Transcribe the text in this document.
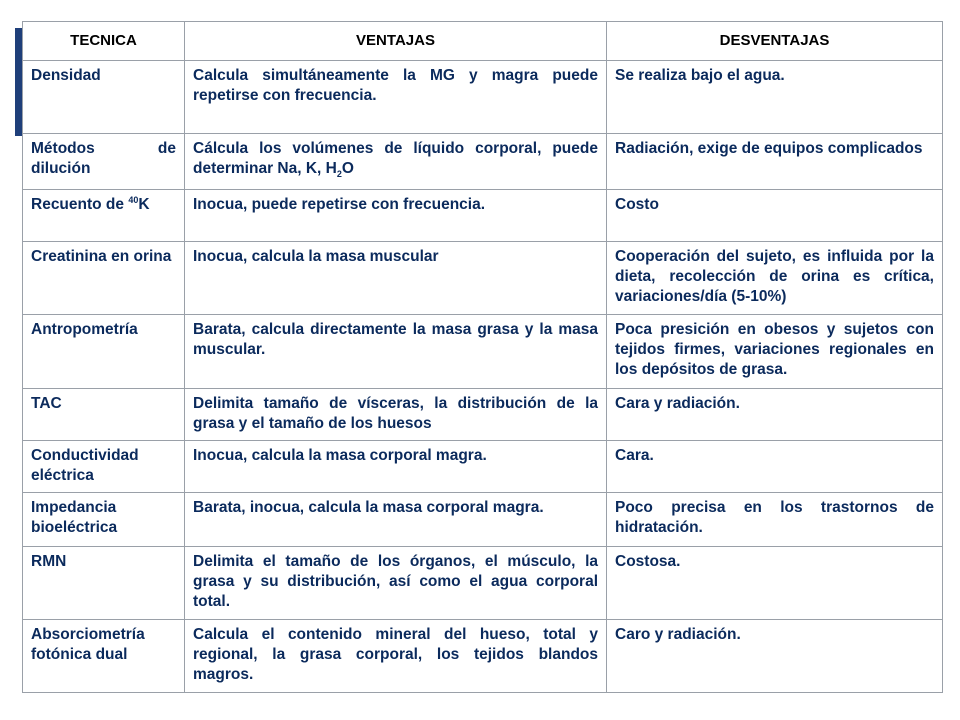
TECNICA	VENTAJAS	DESVENTAJAS
Densidad	Calcula simultáneamente la MG y magra puede repetirse con frecuencia.	Se realiza bajo el agua.
Métodos de dilución	Cálcula los volúmenes de líquido corporal, puede determinar Na, K, $H_2O$	Radiación, exige de equipos complicados
Recuento de $^{40}$K	Inocua, puede repetirse con frecuencia.	Costo
Creatinina en orina	Inocua, calcula la masa muscular	Cooperación del sujeto, es influida por la dieta, recolección de orina es crítica, variaciones/día (5-10%)
Antropometría	Barata, calcula directamente la masa grasa y la masa muscular.	Poca presición en obesos y sujetos con tejidos firmes, variaciones regionales en los depósitos de grasa.
TAC	Delimita tamaño de vísceras, la distribución de la grasa y el tamaño de los huesos	Cara y radiación.
Conductividad eléctrica	Inocua, calcula la masa corporal magra.	Cara.
Impedancia bioeléctrica	Barata, inocua, calcula la masa corporal magra.	Poco precisa en los trastornos de hidratación.
RMN	Delimita el tamaño de los órganos, el músculo, la grasa y su distribución, así como el agua corporal total.	Costosa.
Absorciometría fotónica dual	Calcula el contenido mineral del hueso, total y regional, la grasa corporal, los tejidos blandos magros.	Caro y radiación.
